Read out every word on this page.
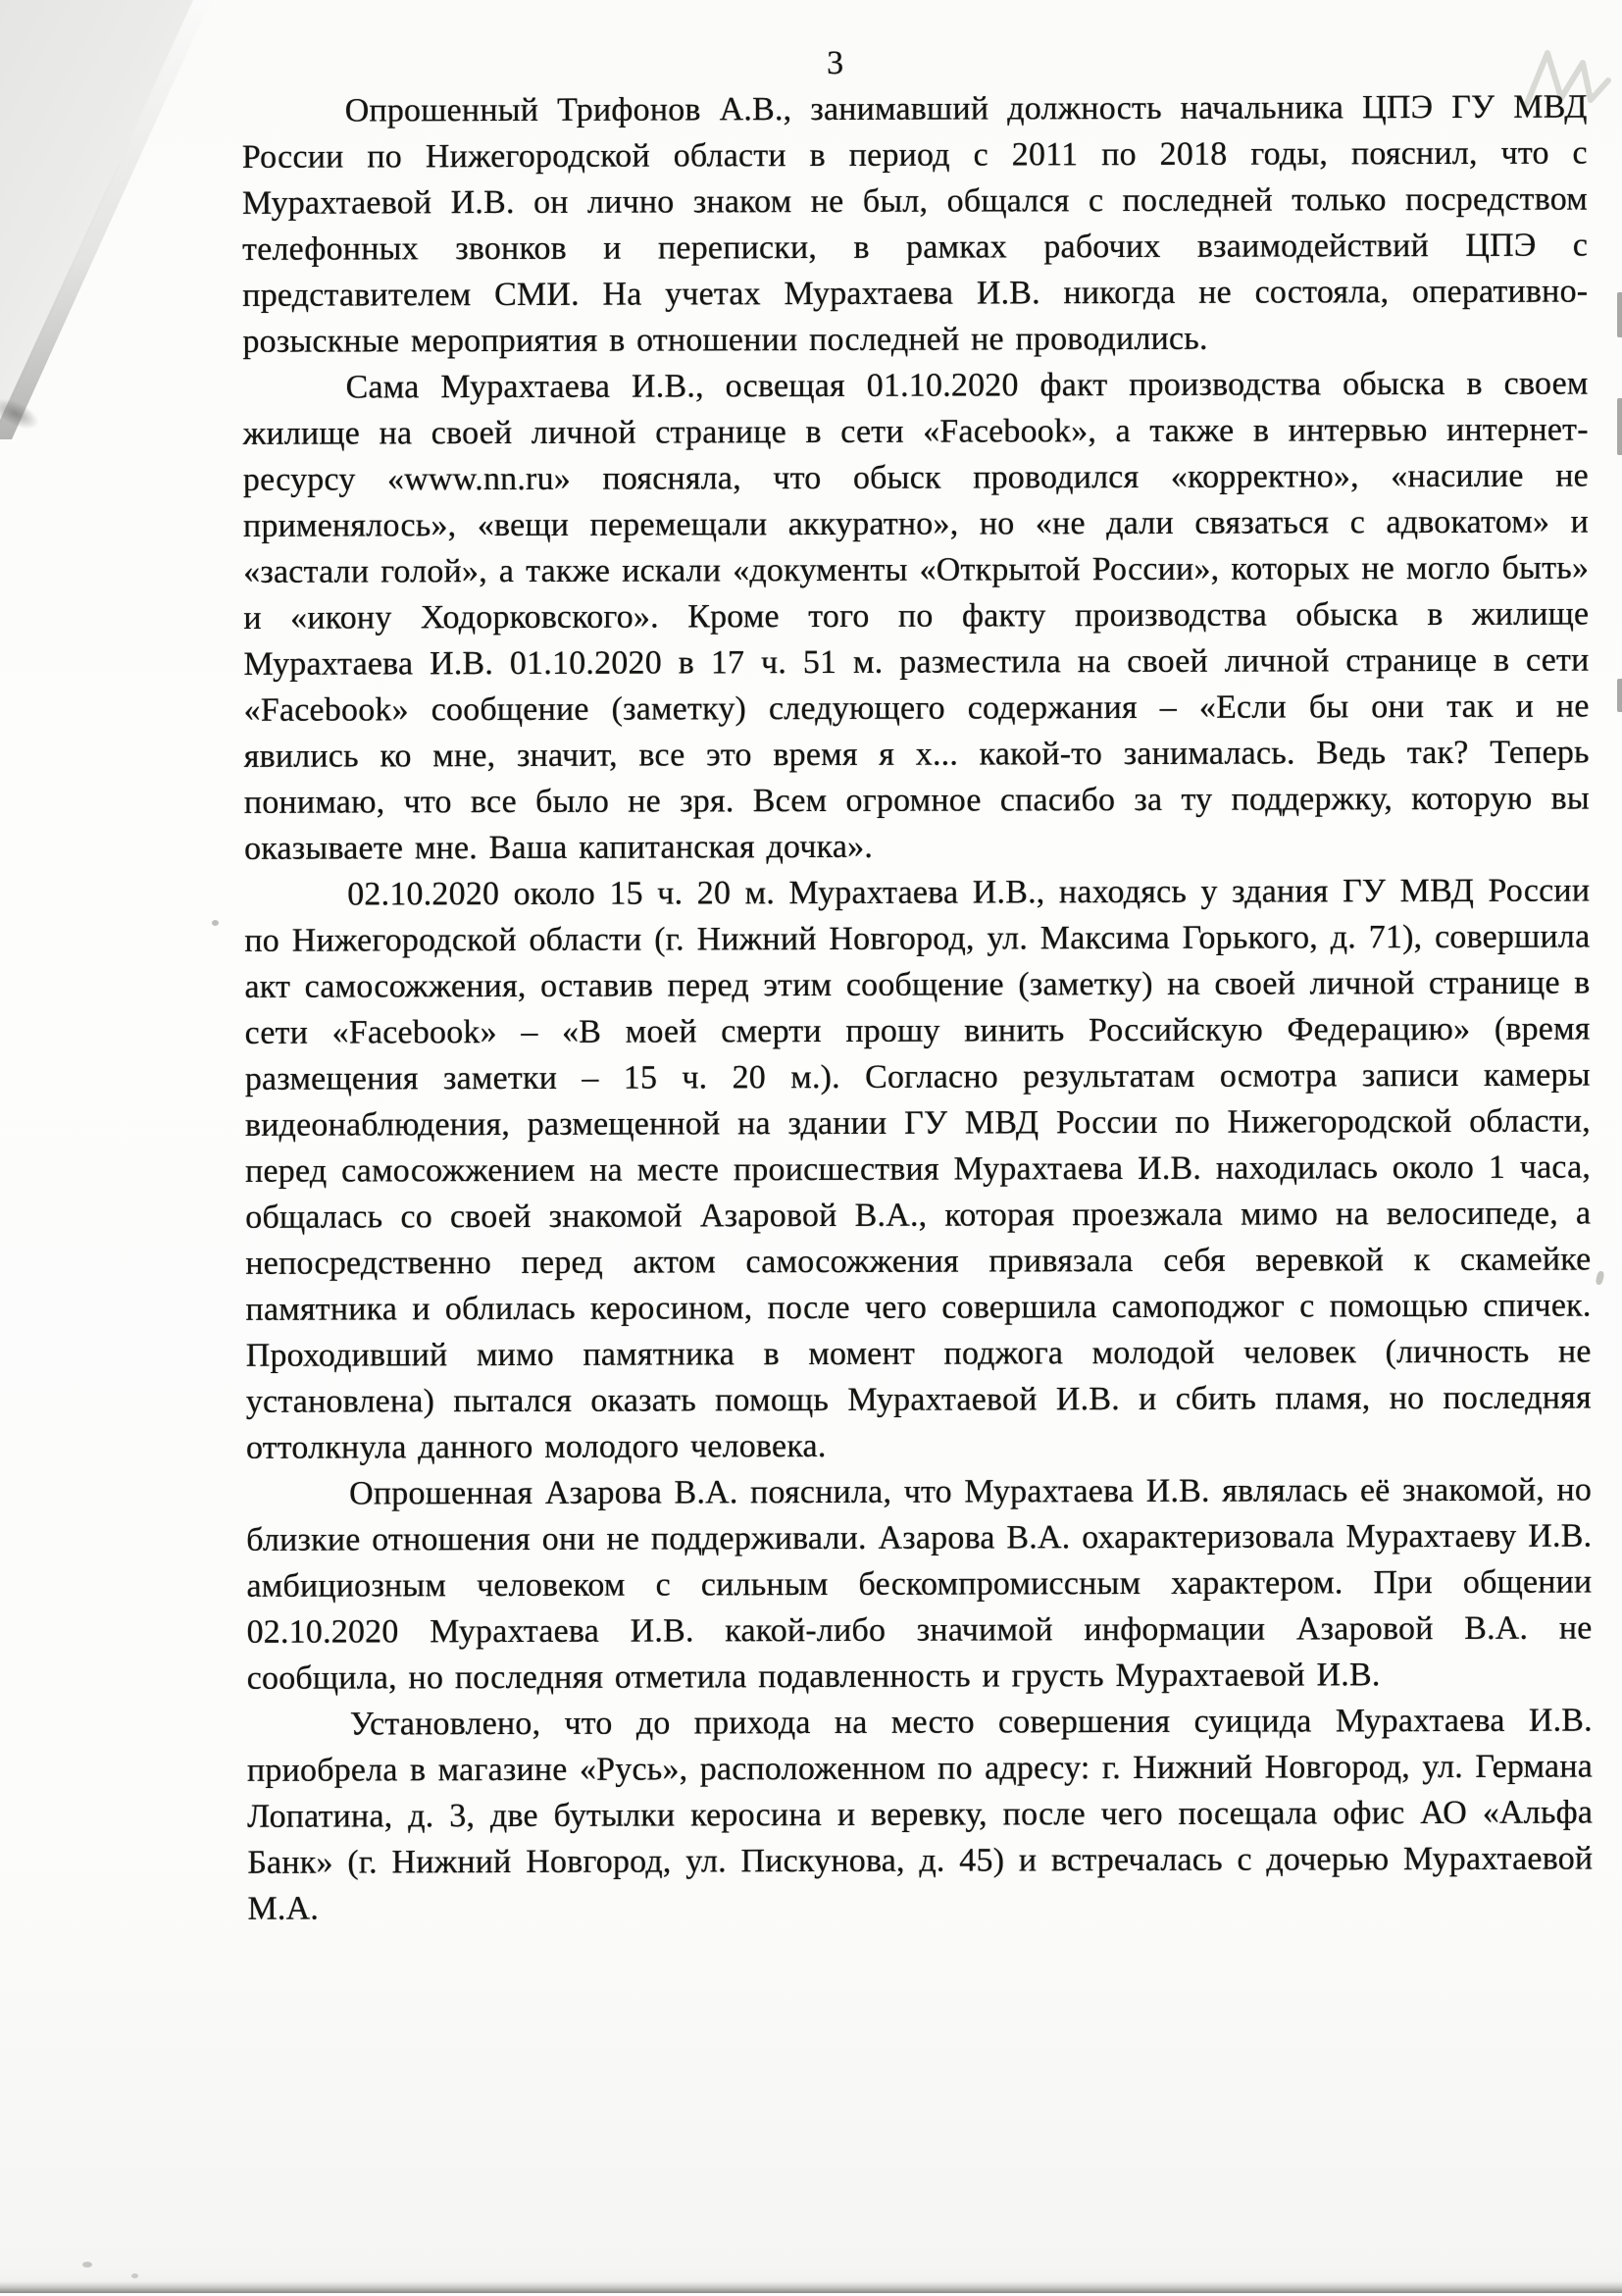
3

Опрошенный Трифонов А.В., занимавший должность начальника ЦПЭ ГУ МВД России по Нижегородской области в период с 2011 по 2018 годы, пояснил, что с Мурахтаевой И.В. он лично знаком не был, общался с последней только посредством телефонных звонков и переписки, в рамках рабочих взаимодействий ЦПЭ с представителем СМИ. На учетах Мурахтаева И.В. никогда не состояла, оперативно-розыскные мероприятия в отношении последней не проводились.

Сама Мурахтаева И.В., освещая 01.10.2020 факт производства обыска в своем жилище на своей личной странице в сети «Facebook», а также в интервью интернет-ресурсу «www.nn.ru» поясняла, что обыск проводился «корректно», «насилие не применялось», «вещи перемещали аккуратно», но «не дали связаться с адвокатом» и «застали голой», а также искали «документы «Открытой России», которых не могло быть» и «икону Ходорковского». Кроме того по факту производства обыска в жилище Мурахтаева И.В. 01.10.2020 в 17 ч. 51 м. разместила на своей личной странице в сети «Facebook» сообщение (заметку) следующего содержания – «Если бы они так и не явились ко мне, значит, все это время я х... какой-то занималась. Ведь так? Теперь понимаю, что все было не зря. Всем огромное спасибо за ту поддержку, которую вы оказываете мне. Ваша капитанская дочка».

02.10.2020 около 15 ч. 20 м. Мурахтаева И.В., находясь у здания ГУ МВД России по Нижегородской области (г. Нижний Новгород, ул. Максима Горького, д. 71), совершила акт самосожжения, оставив перед этим сообщение (заметку) на своей личной странице в сети «Facebook» – «В моей смерти прошу винить Российскую Федерацию» (время размещения заметки – 15 ч. 20 м.). Согласно результатам осмотра записи камеры видеонаблюдения, размещенной на здании ГУ МВД России по Нижегородской области, перед самосожжением на месте происшествия Мурахтаева И.В. находилась около 1 часа, общалась со своей знакомой Азаровой В.А., которая проезжала мимо на велосипеде, а непосредственно перед актом самосожжения привязала себя веревкой к скамейке памятника и облилась керосином, после чего совершила самоподжог с помощью спичек. Проходивший мимо памятника в момент поджога молодой человек (личность не установлена) пытался оказать помощь Мурахтаевой И.В. и сбить пламя, но последняя оттолкнула данного молодого человека.

Опрошенная Азарова В.А. пояснила, что Мурахтаева И.В. являлась её знакомой, но близкие отношения они не поддерживали. Азарова В.А. охарактеризовала Мурахтаеву И.В. амбициозным человеком с сильным бескомпромиссным характером. При общении 02.10.2020 Мурахтаева И.В. какой-либо значимой информации Азаровой В.А. не сообщила, но последняя отметила подавленность и грусть Мурахтаевой И.В.

Установлено, что до прихода на место совершения суицида Мурахтаева И.В. приобрела в магазине «Русь», расположенном по адресу: г. Нижний Новгород, ул. Германа Лопатина, д. 3, две бутылки керосина и веревку, после чего посещала офис АО «Альфа Банк» (г. Нижний Новгород, ул. Пискунова, д. 45) и встречалась с дочерью Мурахтаевой М.А.
